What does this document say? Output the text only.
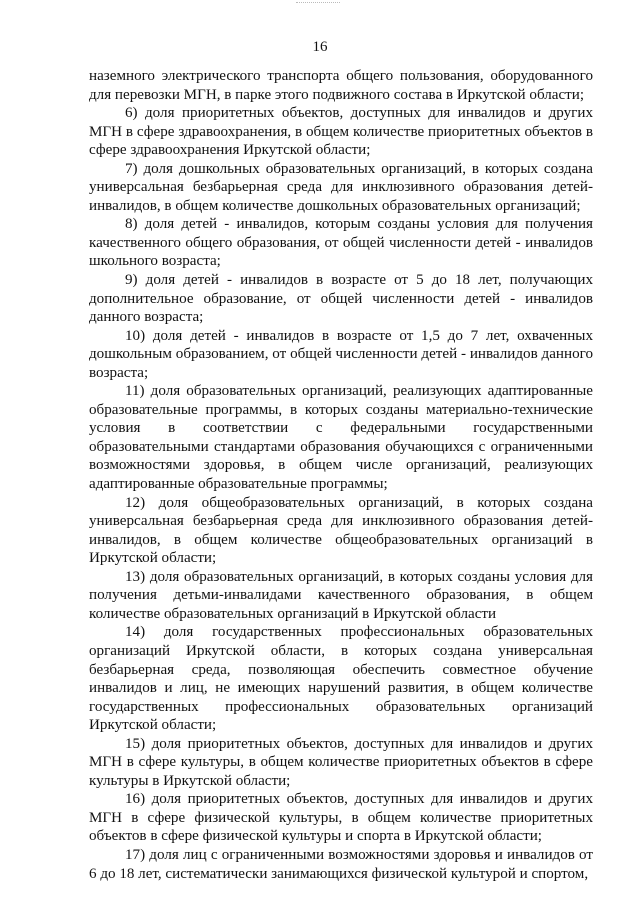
16

наземного электрического транспорта общего пользования, оборудованного для перевозки МГН, в парке этого подвижного состава в Иркутской области;

6) доля приоритетных объектов, доступных для инвалидов и других МГН в сфере здравоохранения, в общем количестве приоритетных объектов в сфере здравоохранения Иркутской области;

7) доля дошкольных образовательных организаций, в которых создана универсальная безбарьерная среда для инклюзивного образования детей-инвалидов, в общем количестве дошкольных образовательных организаций;

8) доля детей - инвалидов, которым созданы условия для получения качественного общего образования, от общей численности детей - инвалидов школьного возраста;

9) доля детей - инвалидов в возрасте от 5 до 18 лет, получающих дополнительное образование, от общей численности детей - инвалидов данного возраста;

10) доля детей - инвалидов в возрасте от 1,5 до 7 лет, охваченных дошкольным образованием, от общей численности детей - инвалидов данного возраста;

11) доля образовательных организаций, реализующих адаптированные образовательные программы, в которых созданы материально-технические условия в соответствии с федеральными государственными образовательными стандартами образования обучающихся с ограниченными возможностями здоровья, в общем числе организаций, реализующих адаптированные образовательные программы;

12) доля общеобразовательных организаций, в которых создана универсальная безбарьерная среда для инклюзивного образования детей-инвалидов, в общем количестве общеобразовательных организаций в Иркутской области;

13) доля образовательных организаций, в которых созданы условия для получения детьми-инвалидами качественного образования, в общем количестве образовательных организаций в Иркутской области

14) доля государственных профессиональных образовательных организаций Иркутской области, в которых создана универсальная безбарьерная среда, позволяющая обеспечить совместное обучение инвалидов и лиц, не имеющих нарушений развития, в общем количестве государственных профессиональных образовательных организаций Иркутской области;

15) доля приоритетных объектов, доступных для инвалидов и других МГН в сфере культуры, в общем количестве приоритетных объектов в сфере культуры в Иркутской области;

16) доля приоритетных объектов, доступных для инвалидов и других МГН в сфере физической культуры, в общем количестве приоритетных объектов в сфере физической культуры и спорта в Иркутской области;

17) доля лиц с ограниченными возможностями здоровья и инвалидов от 6 до 18 лет, систематически занимающихся физической культурой и спортом,
